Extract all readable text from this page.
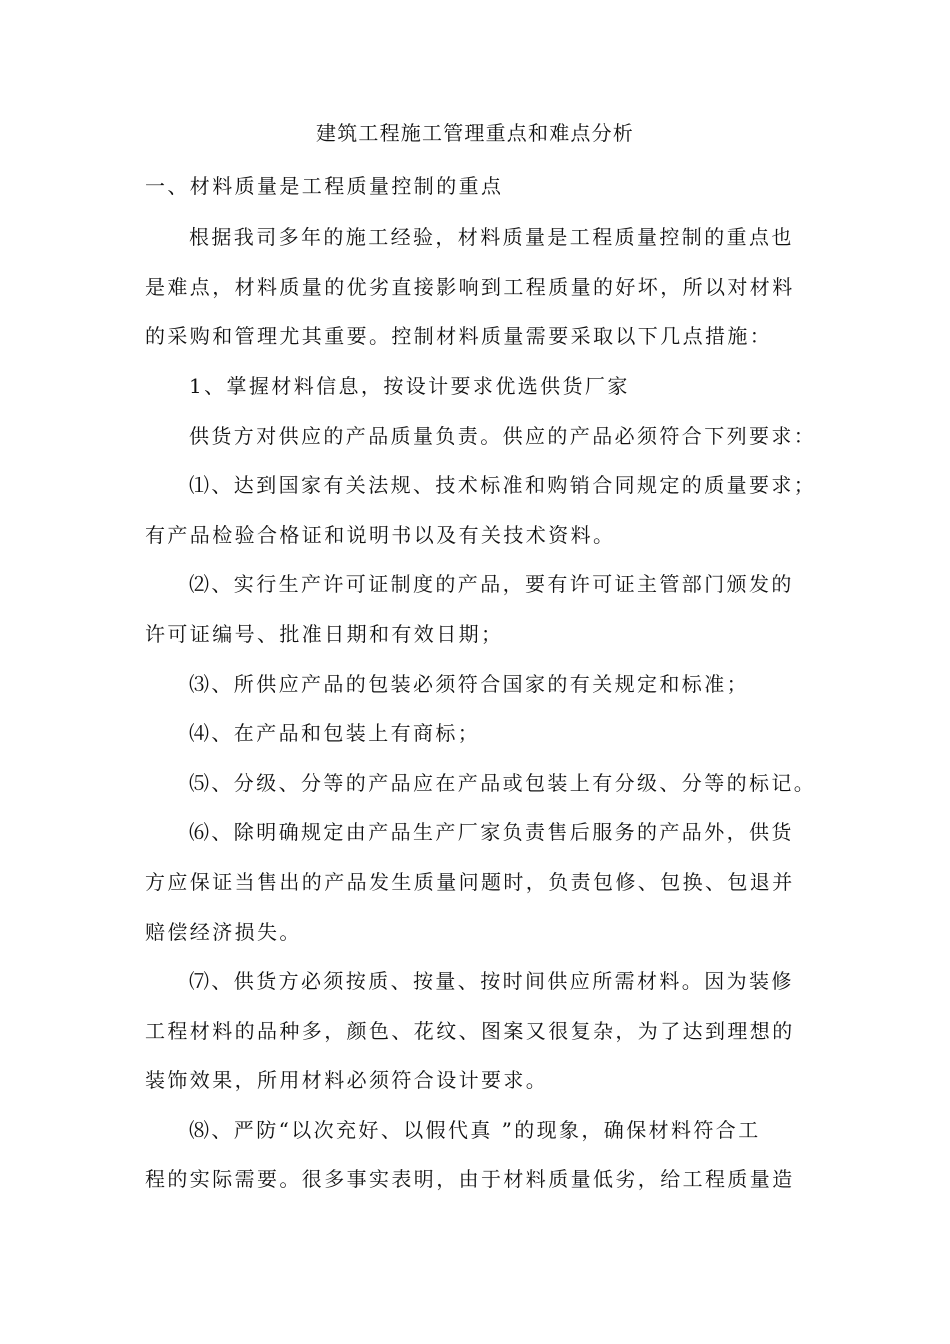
建筑工程施工管理重点和难点分析
一、材料质量是工程质量控制的重点
根据我司多年的施工经验，材料质量是工程质量控制的重点也
是难点，材料质量的优劣直接影响到工程质量的好坏，所以对材料
的采购和管理尤其重要。控制材料质量需要采取以下几点措施：
1、掌握材料信息，按设计要求优选供货厂家
供货方对供应的产品质量负责。供应的产品必须符合下列要求：
⑴、达到国家有关法规、技术标准和购销合同规定的质量要求；
有产品检验合格证和说明书以及有关技术资料。
⑵、实行生产许可证制度的产品，要有许可证主管部门颁发的
许可证编号、批准日期和有效日期；
⑶、所供应产品的包装必须符合国家的有关规定和标准；
⑷、在产品和包装上有商标；
⑸、分级、分等的产品应在产品或包装上有分级、分等的标记。
⑹、除明确规定由产品生产厂家负责售后服务的产品外，供货
方应保证当售出的产品发生质量问题时，负责包修、包换、包退并
赔偿经济损失。
⑺、供货方必须按质、按量、按时间供应所需材料。因为装修
工程材料的品种多，颜色、花纹、图案又很复杂，为了达到理想的
装饰效果，所用材料必须符合设计要求。
⑻、严防“以次充好、以假代真 ”的现象，确保材料符合工
程的实际需要。很多事实表明，由于材料质量低劣，给工程质量造
